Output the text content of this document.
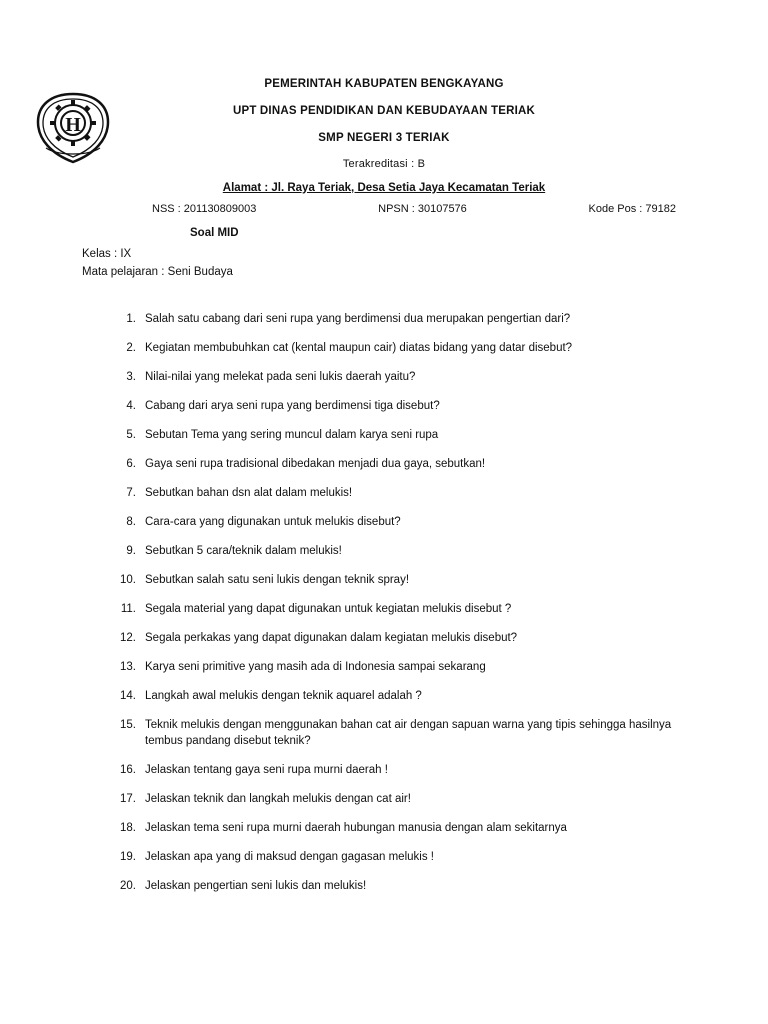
H
PEMERINTAH KABUPATEN BENGKAYANG
UPT DINAS PENDIDIKAN DAN KEBUDAYAAN TERIAK
SMP NEGERI 3 TERIAK
Terakreditasi : B
Alamat : Jl. Raya Teriak, Desa Setia Jaya Kecamatan Teriak
NSS : 201130809003	NPSN : 30107576	Kode Pos : 79182
Soal MID
Kelas : IX
Mata pelajaran : Seni Budaya
1. Salah satu cabang dari seni rupa yang berdimensi dua merupakan pengertian dari?
2. Kegiatan membubuhkan cat (kental maupun cair) diatas bidang yang datar disebut?
3. Nilai-nilai yang melekat pada seni lukis daerah yaitu?
4. Cabang dari arya seni rupa yang berdimensi tiga disebut?
5. Sebutan Tema yang sering muncul dalam karya seni rupa
6. Gaya seni rupa tradisional dibedakan menjadi dua gaya, sebutkan!
7. Sebutkan bahan dsn alat dalam melukis!
8. Cara-cara yang digunakan untuk melukis disebut?
9. Sebutkan 5 cara/teknik dalam melukis!
10. Sebutkan salah satu seni lukis dengan teknik spray!
11. Segala material yang dapat digunakan untuk kegiatan melukis disebut ?
12. Segala perkakas yang dapat digunakan dalam kegiatan melukis disebut?
13. Karya seni primitive yang masih ada di Indonesia sampai sekarang
14. Langkah awal melukis dengan teknik aquarel adalah ?
15. Teknik melukis dengan menggunakan bahan cat air dengan sapuan warna yang tipis sehingga hasilnya tembus pandang disebut teknik?
16. Jelaskan tentang gaya seni rupa murni daerah !
17. Jelaskan teknik dan langkah melukis dengan cat air!
18. Jelaskan tema seni rupa murni daerah hubungan manusia dengan alam sekitarnya
19. Jelaskan apa yang di maksud dengan gagasan melukis !
20. Jelaskan pengertian seni lukis dan melukis!
